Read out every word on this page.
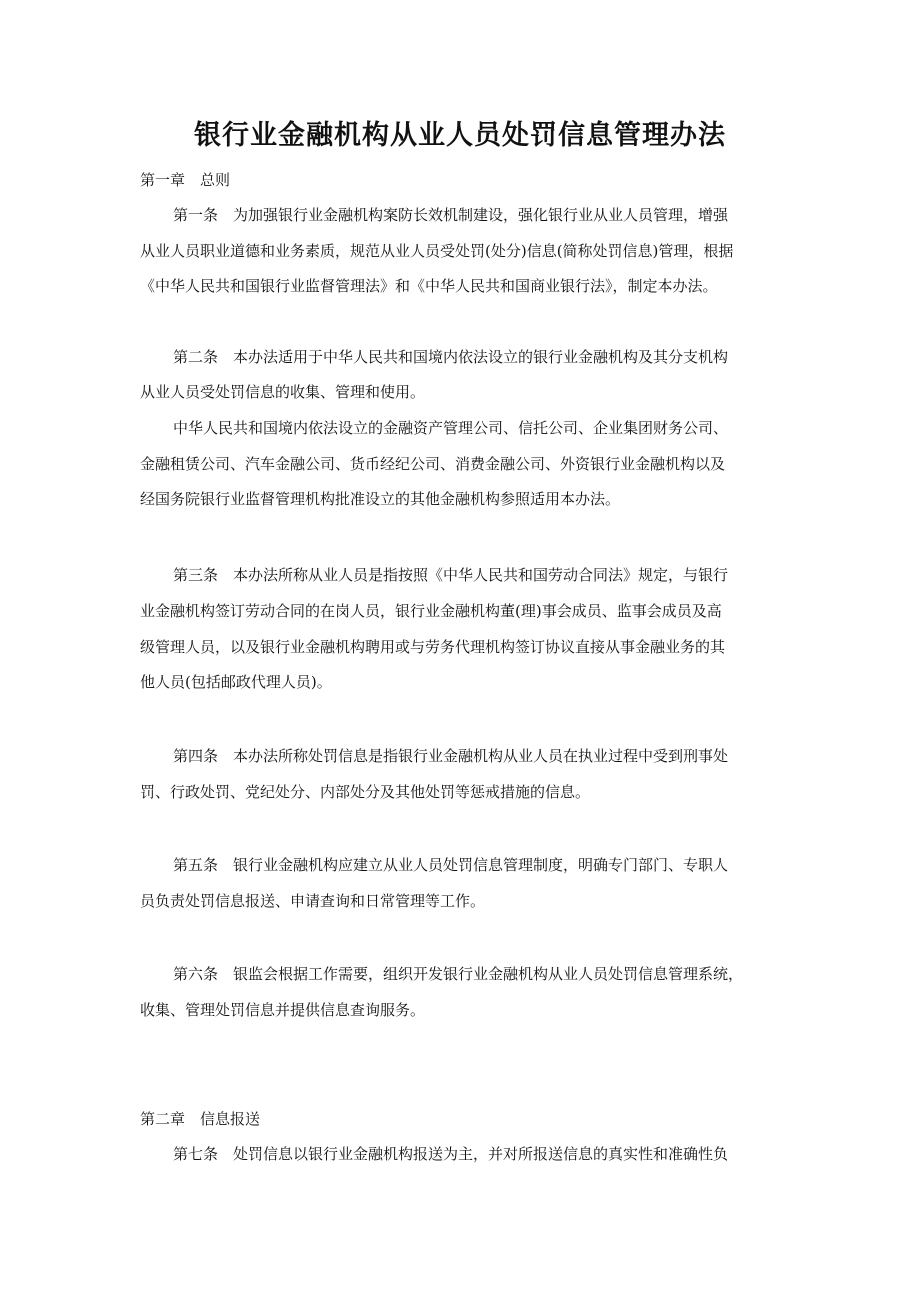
银行业金融机构从业人员处罚信息管理办法

第一章　总则

第一条　为加强银行业金融机构案防长效机制建设，强化银行业从业人员管理，增强

从业人员职业道德和业务素质，规范从业人员受处罚(处分)信息(简称处罚信息)管理，根据

《中华人民共和国银行业监督管理法》和《中华人民共和国商业银行法》，制定本办法。

第二条　本办法适用于中华人民共和国境内依法设立的银行业金融机构及其分支机构

从业人员受处罚信息的收集、管理和使用。

中华人民共和国境内依法设立的金融资产管理公司、信托公司、企业集团财务公司、

金融租赁公司、汽车金融公司、货币经纪公司、消费金融公司、外资银行业金融机构以及

经国务院银行业监督管理机构批准设立的其他金融机构参照适用本办法。

第三条　本办法所称从业人员是指按照《中华人民共和国劳动合同法》规定，与银行

业金融机构签订劳动合同的在岗人员，银行业金融机构董(理)事会成员、监事会成员及高

级管理人员，以及银行业金融机构聘用或与劳务代理机构签订协议直接从事金融业务的其

他人员(包括邮政代理人员)。

第四条　本办法所称处罚信息是指银行业金融机构从业人员在执业过程中受到刑事处

罚、行政处罚、党纪处分、内部处分及其他处罚等惩戒措施的信息。

第五条　银行业金融机构应建立从业人员处罚信息管理制度，明确专门部门、专职人

员负责处罚信息报送、申请查询和日常管理等工作。

第六条　银监会根据工作需要，组织开发银行业金融机构从业人员处罚信息管理系统，

收集、管理处罚信息并提供信息查询服务。

第二章　信息报送

第七条　处罚信息以银行业金融机构报送为主，并对所报送信息的真实性和准确性负
